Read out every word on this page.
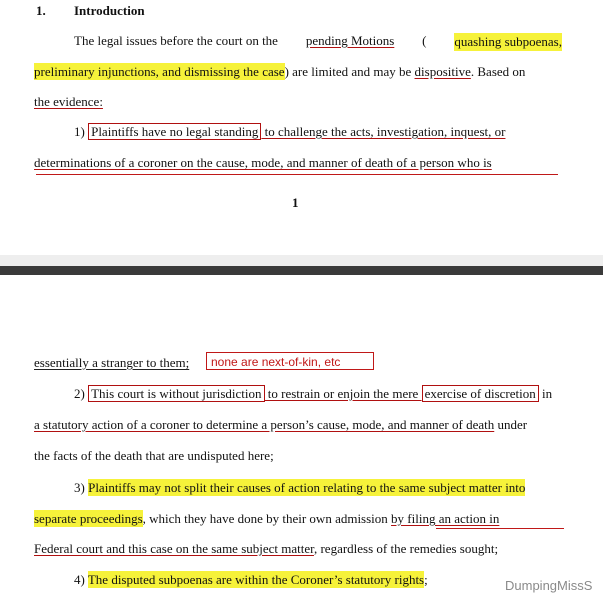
1. Introduction
The legal issues before the court on the pending Motions ( quashing subpoenas,
preliminary injunctions, and dismissing the case) are limited and may be dispositive. Based on
the evidence:
1) Plaintiffs have no legal standing to challenge the acts, investigation, inquest, or
determinations of a coroner on the cause, mode, and manner of death of a person who is
1
essentially a stranger to them;	none are next-of-kin, etc
2) This court is without jurisdiction to restrain or enjoin the mere exercise of discretion in
a statutory action of a coroner to determine a person’s cause, mode, and manner of death under
the facts of the death that are undisputed here;
3) Plaintiffs may not split their causes of action relating to the same subject matter into
separate proceedings, which they have done by their own admission by filing an action in
Federal court and this case on the same subject matter, regardless of the remedies sought;
4) The disputed subpoenas are within the Coroner’s statutory rights;	DumpingMissS
